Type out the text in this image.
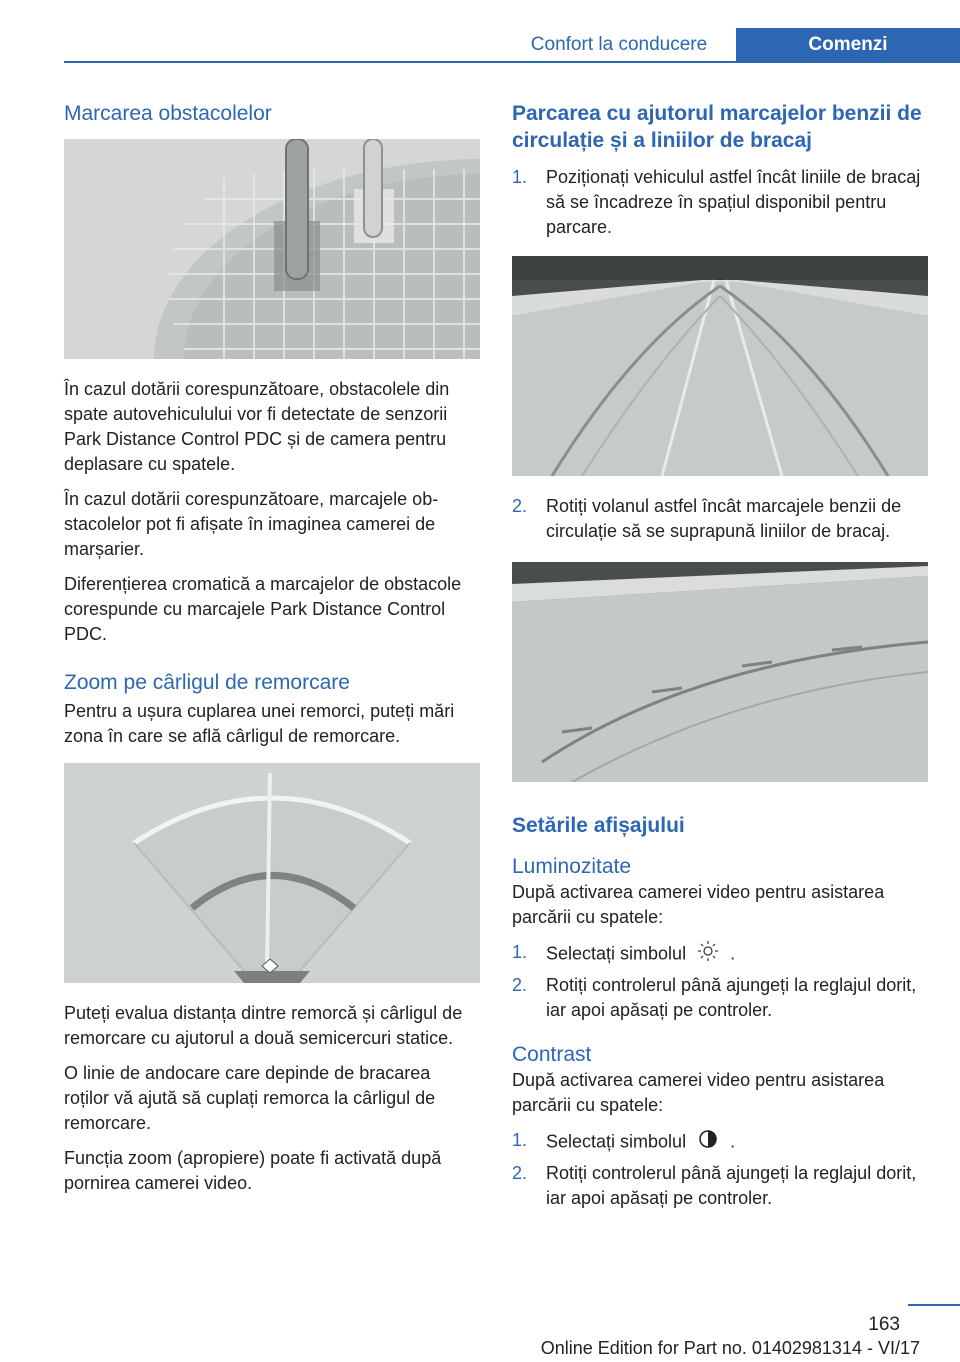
Confort la conducere	Comenzi
Marcarea obstacolelor

În cazul dotării corespunzătoare, obstacolele din spate autovehiculului vor fi detectate de senzorii Park Distance Control PDC și de camera pentru deplasare cu spatele.

În cazul dotării corespunzătoare, marcajele obstacolelor pot fi afișate în imaginea camerei de marșarier.

Diferențierea cromatică a marcajelor de obstacole corespunde cu marcajele Park Distance Control PDC.

Zoom pe cârligul de remorcare

Pentru a ușura cuplarea unei remorci, puteți mări zona în care se află cârligul de remorcare.

Puteți evalua distanța dintre remorcă și cârligul de remorcare cu ajutorul a două semicercuri statice.

O linie de andocare care depinde de bracarea roților vă ajută să cuplați remorca la cârligul de remorcare.

Funcția zoom (apropiere) poate fi activată după pornirea camerei video.

Parcarea cu ajutorul marcajelor benzii de circulație și a liniilor de bracaj
1. Poziționați vehiculul astfel încât liniile de bracaj să se încadreze în spațiul disponibil pentru parcare.
2. Rotiți volanul astfel încât marcajele benzii de circulație să se suprapună liniilor de bracaj.
Setările afișajului
Luminozitate

După activarea camerei video pentru asistarea parcării cu spatele:

1. Selectați simbolul .
2. Rotiți controlerul până ajungeți la reglajul dorit, iar apoi apăsați pe controler.
Contrast

După activarea camerei video pentru asistarea parcării cu spatele:

1. Selectați simbolul .
2. Rotiți controlerul până ajungeți la reglajul dorit, iar apoi apăsați pe controler.
163
Online Edition for Part no. 01402981314 - VI/17
